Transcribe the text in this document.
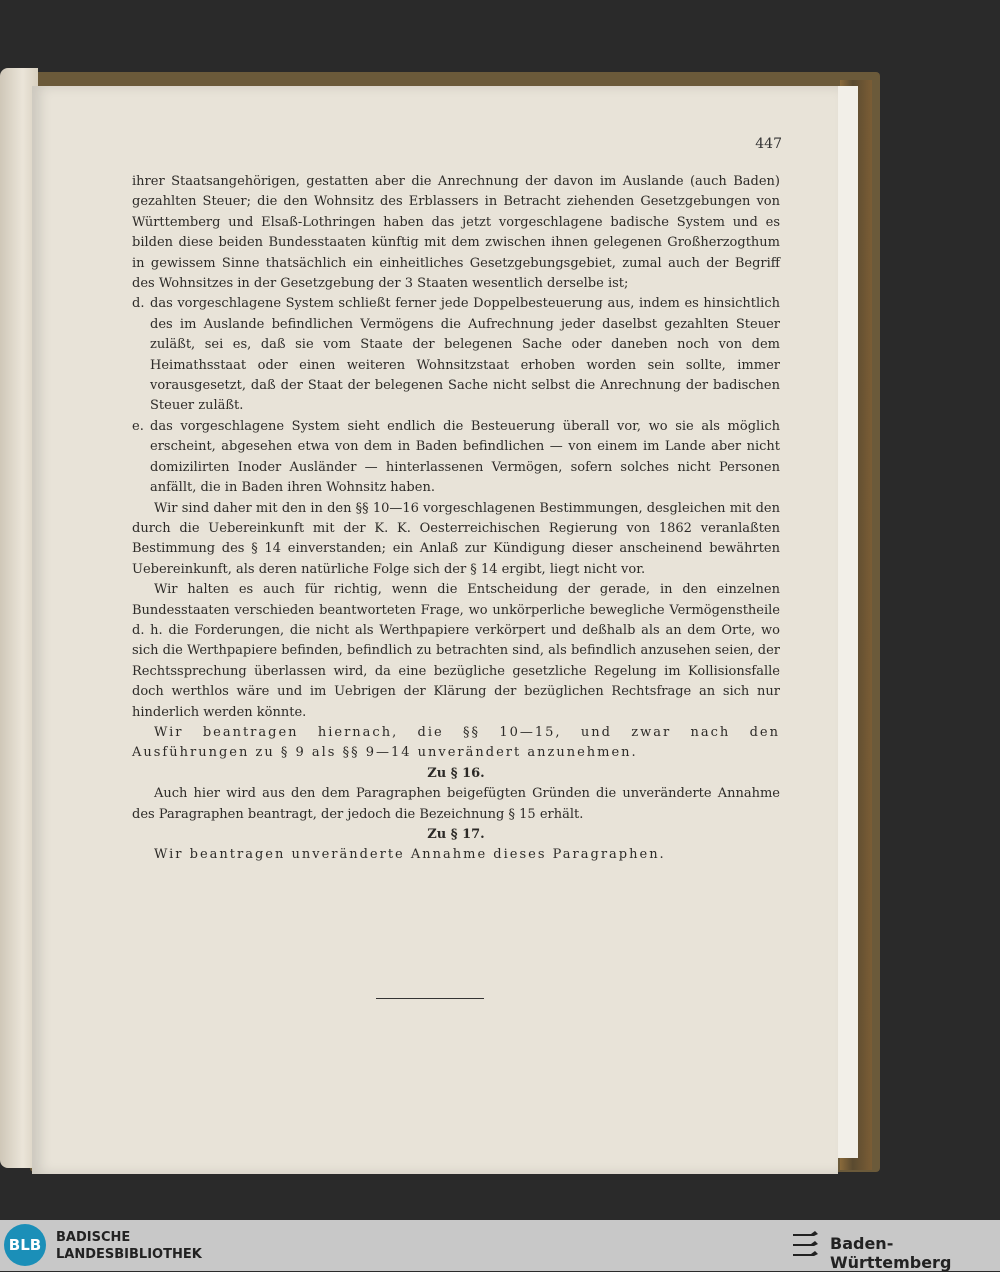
447

ihrer Staatsangehörigen, gestatten aber die Anrechnung der davon im Auslande (auch Baden) gezahlten Steuer; die den Wohnsitz des Erblassers in Betracht ziehenden Gesetzgebungen von Württemberg und Elsaß-Lothringen haben das jetzt vorgeschlagene badische System und es bilden diese beiden Bundesstaaten künftig mit dem zwischen ihnen gelegenen Großherzogthum in gewissem Sinne thatsächlich ein einheitliches Gesetzgebungsgebiet, zumal auch der Begriff des Wohnsitzes in der Gesetzgebung der 3 Staaten wesentlich derselbe ist;

d. das vorgeschlagene System schließt ferner jede Doppelbesteuerung aus, indem es hinsichtlich des im Auslande befindlichen Vermögens die Aufrechnung jeder daselbst gezahlten Steuer zuläßt, sei es, daß sie vom Staate der belegenen Sache oder daneben noch von dem Heimathsstaat oder einen weiteren Wohnsitzstaat erhoben worden sein sollte, immer vorausgesetzt, daß der Staat der belegenen Sache nicht selbst die Anrechnung der badischen Steuer zuläßt.
e. das vorgeschlagene System sieht endlich die Besteuerung überall vor, wo sie als möglich erscheint, abgesehen etwa von dem in Baden befindlichen — von einem im Lande aber nicht domizilirten Inoder Ausländer — hinterlassenen Vermögen, sofern solches nicht Personen anfällt, die in Baden ihren Wohnsitz haben.

Wir sind daher mit den in den §§ 10—16 vorgeschlagenen Bestimmungen, desgleichen mit den durch die Uebereinkunft mit der K. K. Oesterreichischen Regierung von 1862 veranlaßten Bestimmung des § 14 einverstanden; ein Anlaß zur Kündigung dieser anscheinend bewährten Uebereinkunft, als deren natürliche Folge sich der § 14 ergibt, liegt nicht vor.

Wir halten es auch für richtig, wenn die Entscheidung der gerade, in den einzelnen Bundesstaaten verschieden beantworteten Frage, wo unkörperliche bewegliche Vermögenstheile d. h. die Forderungen, die nicht als Werthpapiere verkörpert und deßhalb als an dem Orte, wo sich die Werthpapiere befinden, befindlich zu betrachten sind, als befindlich anzusehen seien, der Rechtssprechung überlassen wird, da eine bezügliche gesetzliche Regelung im Kollisionsfalle doch werthlos wäre und im Uebrigen der Klärung der bezüglichen Rechtsfrage an sich nur hinderlich werden könnte.

Wir beantragen hiernach, die §§ 10—15, und zwar nach den Ausführungen zu § 9 als §§ 9—14 unverändert anzunehmen.

Zu § 16.

Auch hier wird aus den dem Paragraphen beigefügten Gründen die unveränderte Annahme des Paragraphen beantragt, der jedoch die Bezeichnung § 15 erhält.

Zu § 17.

Wir beantragen unveränderte Annahme dieses Paragraphen.

BLB	BADISCHE
LANDESBIBLIOTHEK
Baden-Württemberg
